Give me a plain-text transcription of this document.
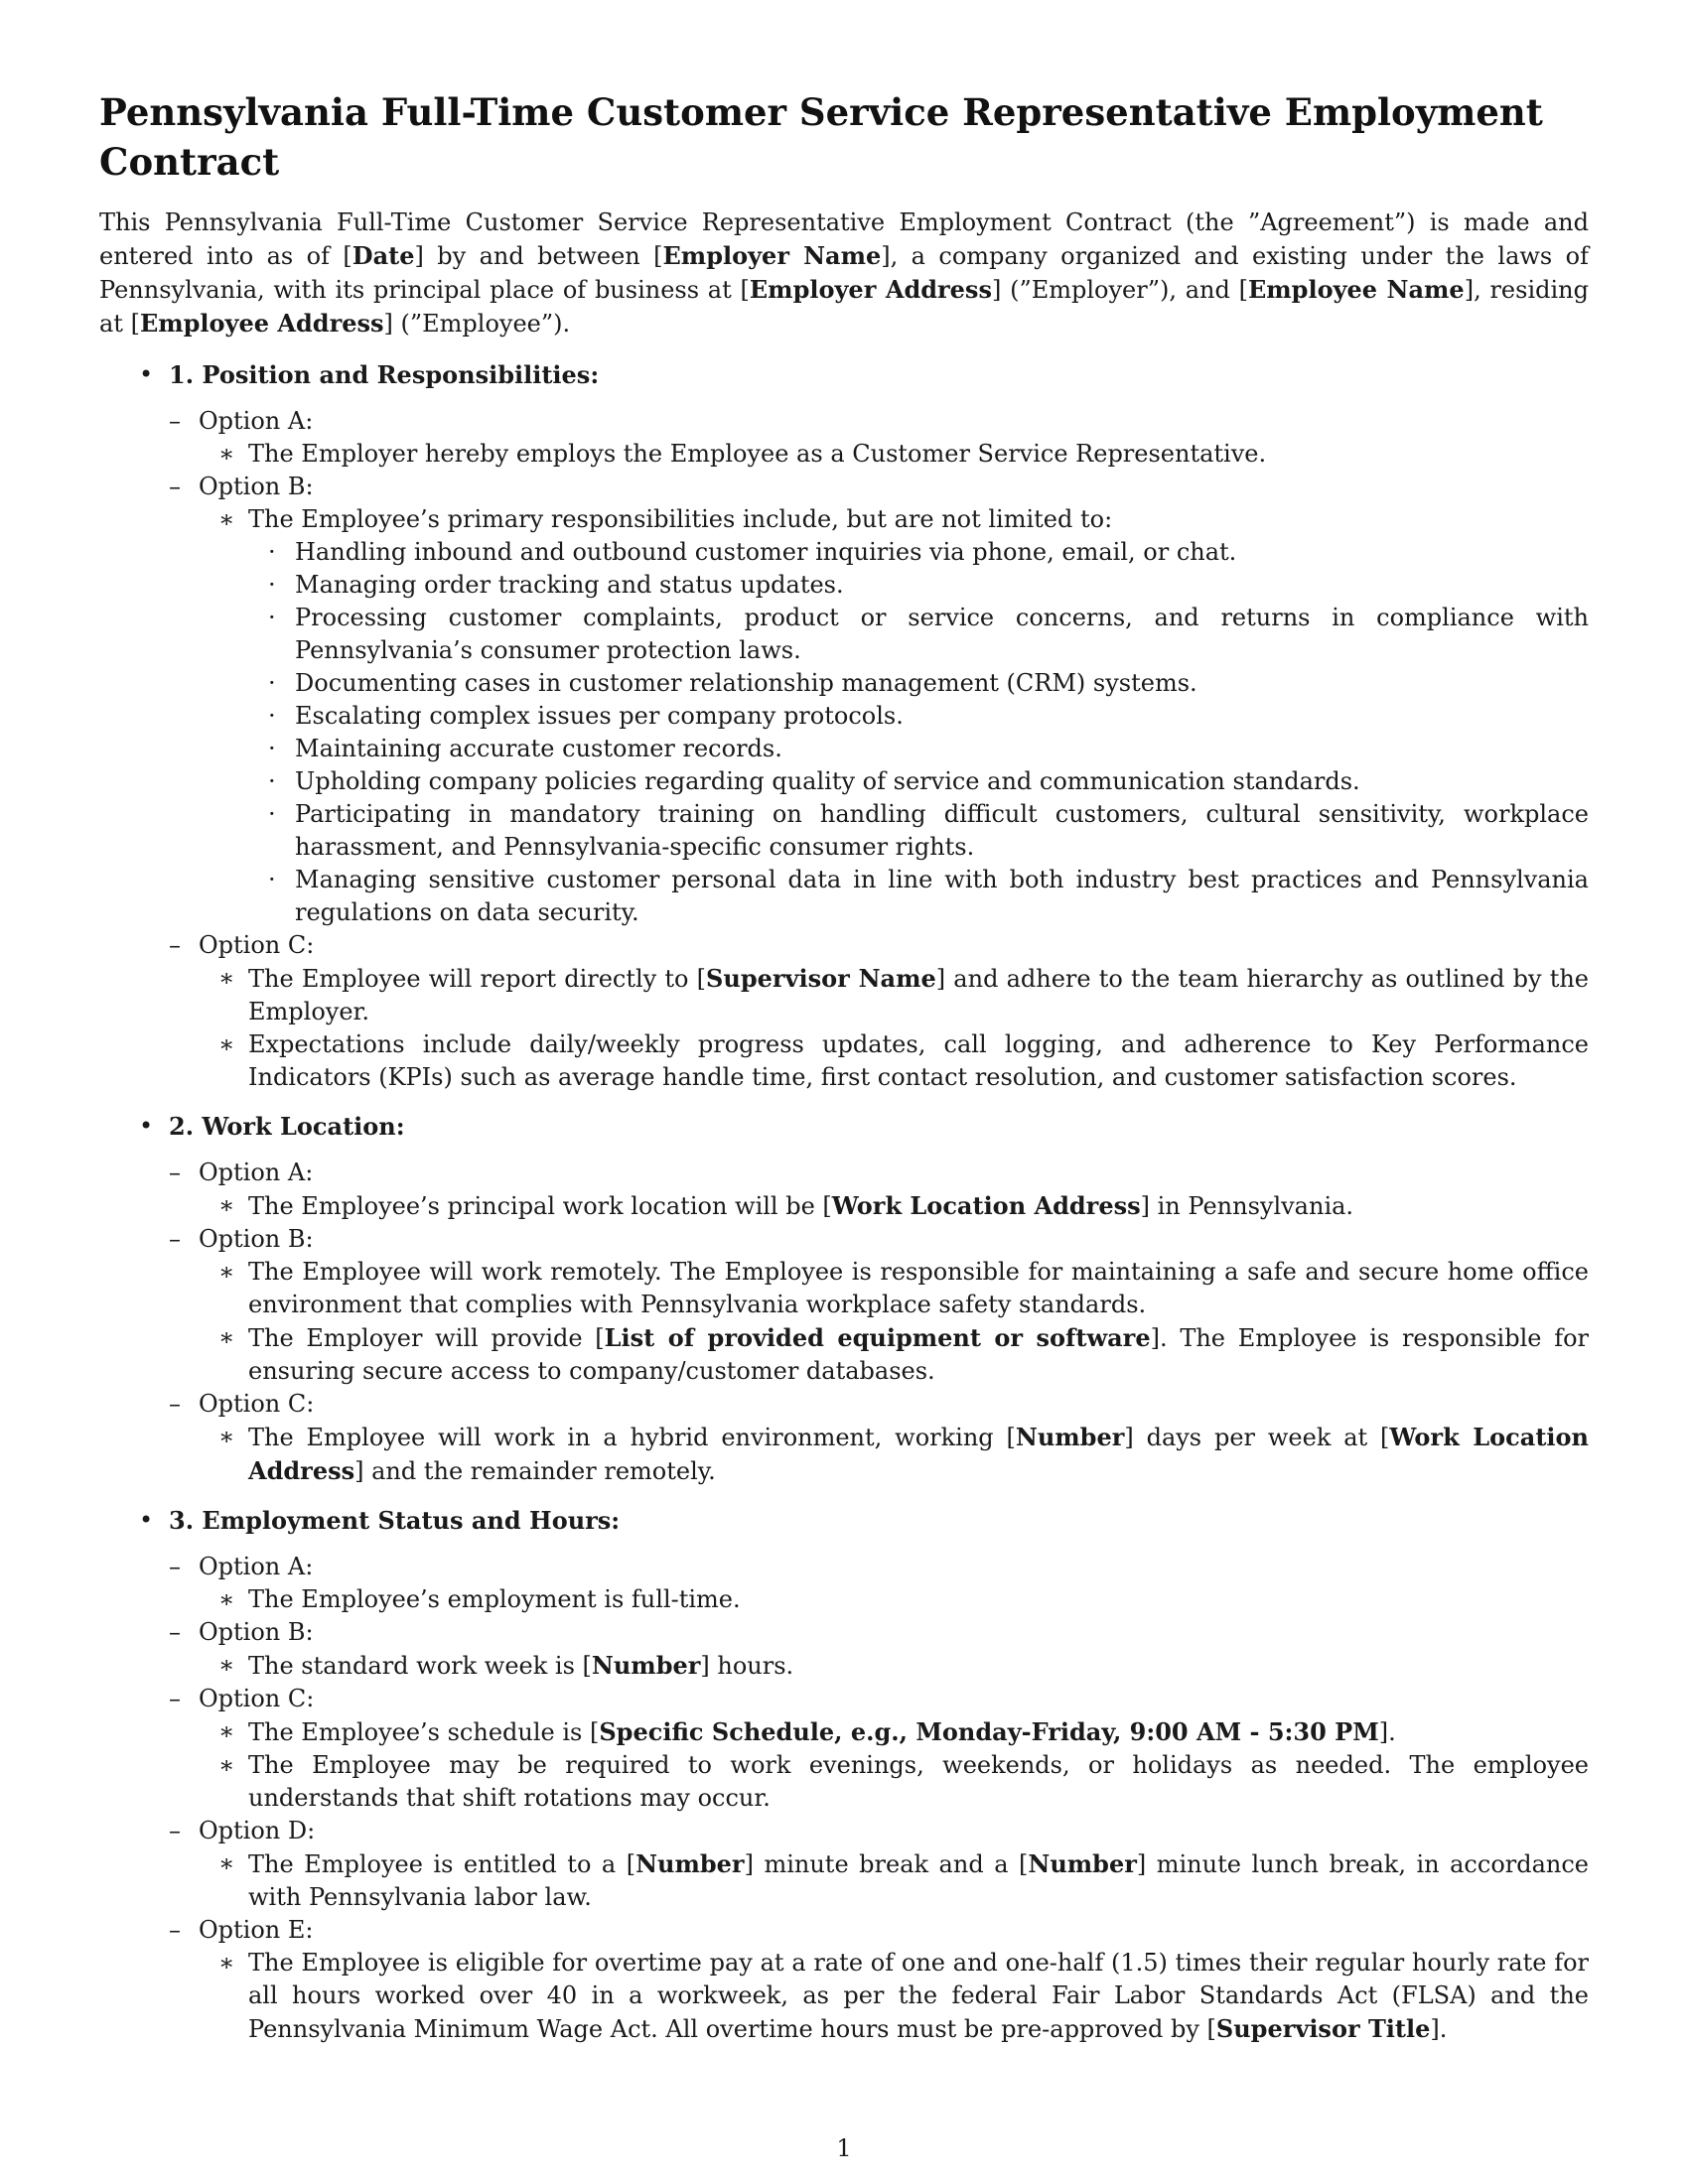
Pennsylvania Full-Time Customer Service Representative Employment Contract

This Pennsylvania Full-Time Customer Service Representative Employment Contract (the ”Agreement”) is made and entered into as of [Date] by and between [Employer Name], a company organized and existing under the laws of Pennsylvania, with its principal place of business at [Employer Address] (”Employer”), and [Employee Name], residing at [Employee Address] (”Employee”).

• 1. Position and Responsibilities:
– Option A:
∗ The Employer hereby employs the Employee as a Customer Service Representative.
– Option B:
∗ The Employee’s primary responsibilities include, but are not limited to:
· Handling inbound and outbound customer inquiries via phone, email, or chat.
· Managing order tracking and status updates.
· Processing customer complaints, product or service concerns, and returns in compliance with Pennsylvania’s consumer protection laws.
· Documenting cases in customer relationship management (CRM) systems.
· Escalating complex issues per company protocols.
· Maintaining accurate customer records.
· Upholding company policies regarding quality of service and communication standards.
· Participating in mandatory training on handling difficult customers, cultural sensitivity, workplace harassment, and Pennsylvania-specific consumer rights.
· Managing sensitive customer personal data in line with both industry best practices and Pennsylvania regulations on data security.
– Option C:
∗ The Employee will report directly to [Supervisor Name] and adhere to the team hierarchy as outlined by the Employer.
∗ Expectations include daily/weekly progress updates, call logging, and adherence to Key Performance Indicators (KPIs) such as average handle time, first contact resolution, and customer satisfaction scores.
• 2. Work Location:
– Option A:
∗ The Employee’s principal work location will be [Work Location Address] in Pennsylvania.
– Option B:
∗ The Employee will work remotely. The Employee is responsible for maintaining a safe and secure home office environment that complies with Pennsylvania workplace safety standards.
∗ The Employer will provide [List of provided equipment or software]. The Employee is responsible for ensuring secure access to company/customer databases.
– Option C:
∗ The Employee will work in a hybrid environment, working [Number] days per week at [Work Location Address] and the remainder remotely.
• 3. Employment Status and Hours:
– Option A:
∗ The Employee’s employment is full-time.
– Option B:
∗ The standard work week is [Number] hours.
– Option C:
∗ The Employee’s schedule is [Specific Schedule, e.g., Monday-Friday, 9:00 AM - 5:30 PM].
∗ The Employee may be required to work evenings, weekends, or holidays as needed. The employee understands that shift rotations may occur.
– Option D:
∗ The Employee is entitled to a [Number] minute break and a [Number] minute lunch break, in accordance with Pennsylvania labor law.
– Option E:
∗ The Employee is eligible for overtime pay at a rate of one and one-half (1.5) times their regular hourly rate for all hours worked over 40 in a workweek, as per the federal Fair Labor Standards Act (FLSA) and the Pennsylvania Minimum Wage Act. All overtime hours must be pre-approved by [Supervisor Title].
1
